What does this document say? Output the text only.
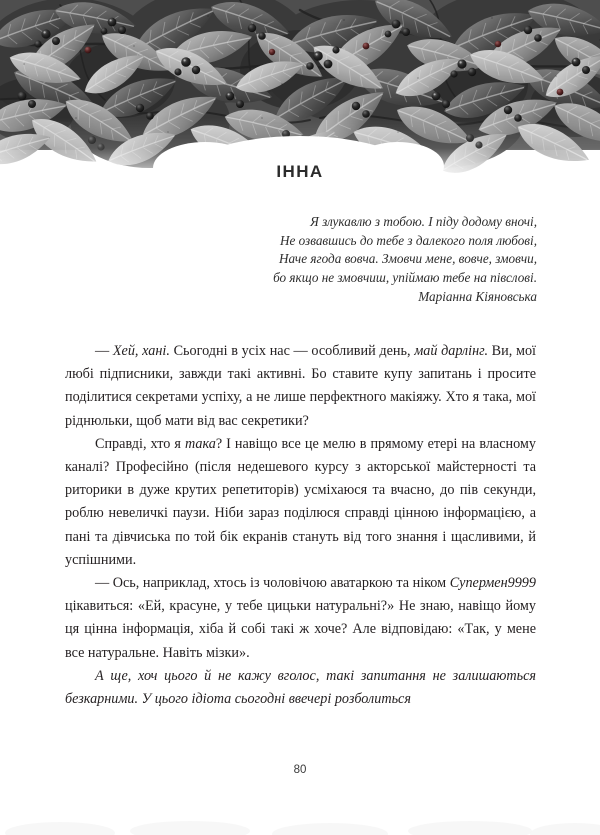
ІННА
Я злукавлю з тобою. І піду додому вночі,
Не озвавшись до тебе з далекого поля любові,
Наче ягода вовча. Змовчи мене, вовче, змовчи,
бо якщо не змовчиш, упіймаю тебе на півслові.
Маріанна Кіяновська

— Хей, хані. Сьогодні в усіх нас — особливий день, май дарлінг. Ви, мої любі підписники, завжди такі активні. Бо ставите купу запитань і просите поділитися секретами успіху, а не лише перфектного макіяжу. Хто я така, мої ріднюльки, щоб мати від вас секретики?

Справді, хто я така? І навіщо все це мелю в прямому етері на власному каналі? Професійно (після недешевого курсу з акторської майстерності та риторики в дуже крутих репетиторів) усміхаюся та вчасно, до пів секунди, роблю невеличкі паузи. Ніби зараз поділюся справді цінною інформацією, а пані та дівчиська по той бік екранів стануть від того знання і щасливими, й успішними.

— Ось, наприклад, хтось із чоловічою аватаркою та ніком Супермен9999 цікавиться: «Ей, красуне, у тебе цицьки натуральні?» Не знаю, навіщо йому ця цінна інформація, хіба й собі такі ж хоче? Але відповідаю: «Так, у мене все натуральне. Навіть мізки».

А ще, хоч цього й не кажу вголос, такі запитання не залишаються безкарними. У цього ідіота сьогодні ввечері розболиться

80
